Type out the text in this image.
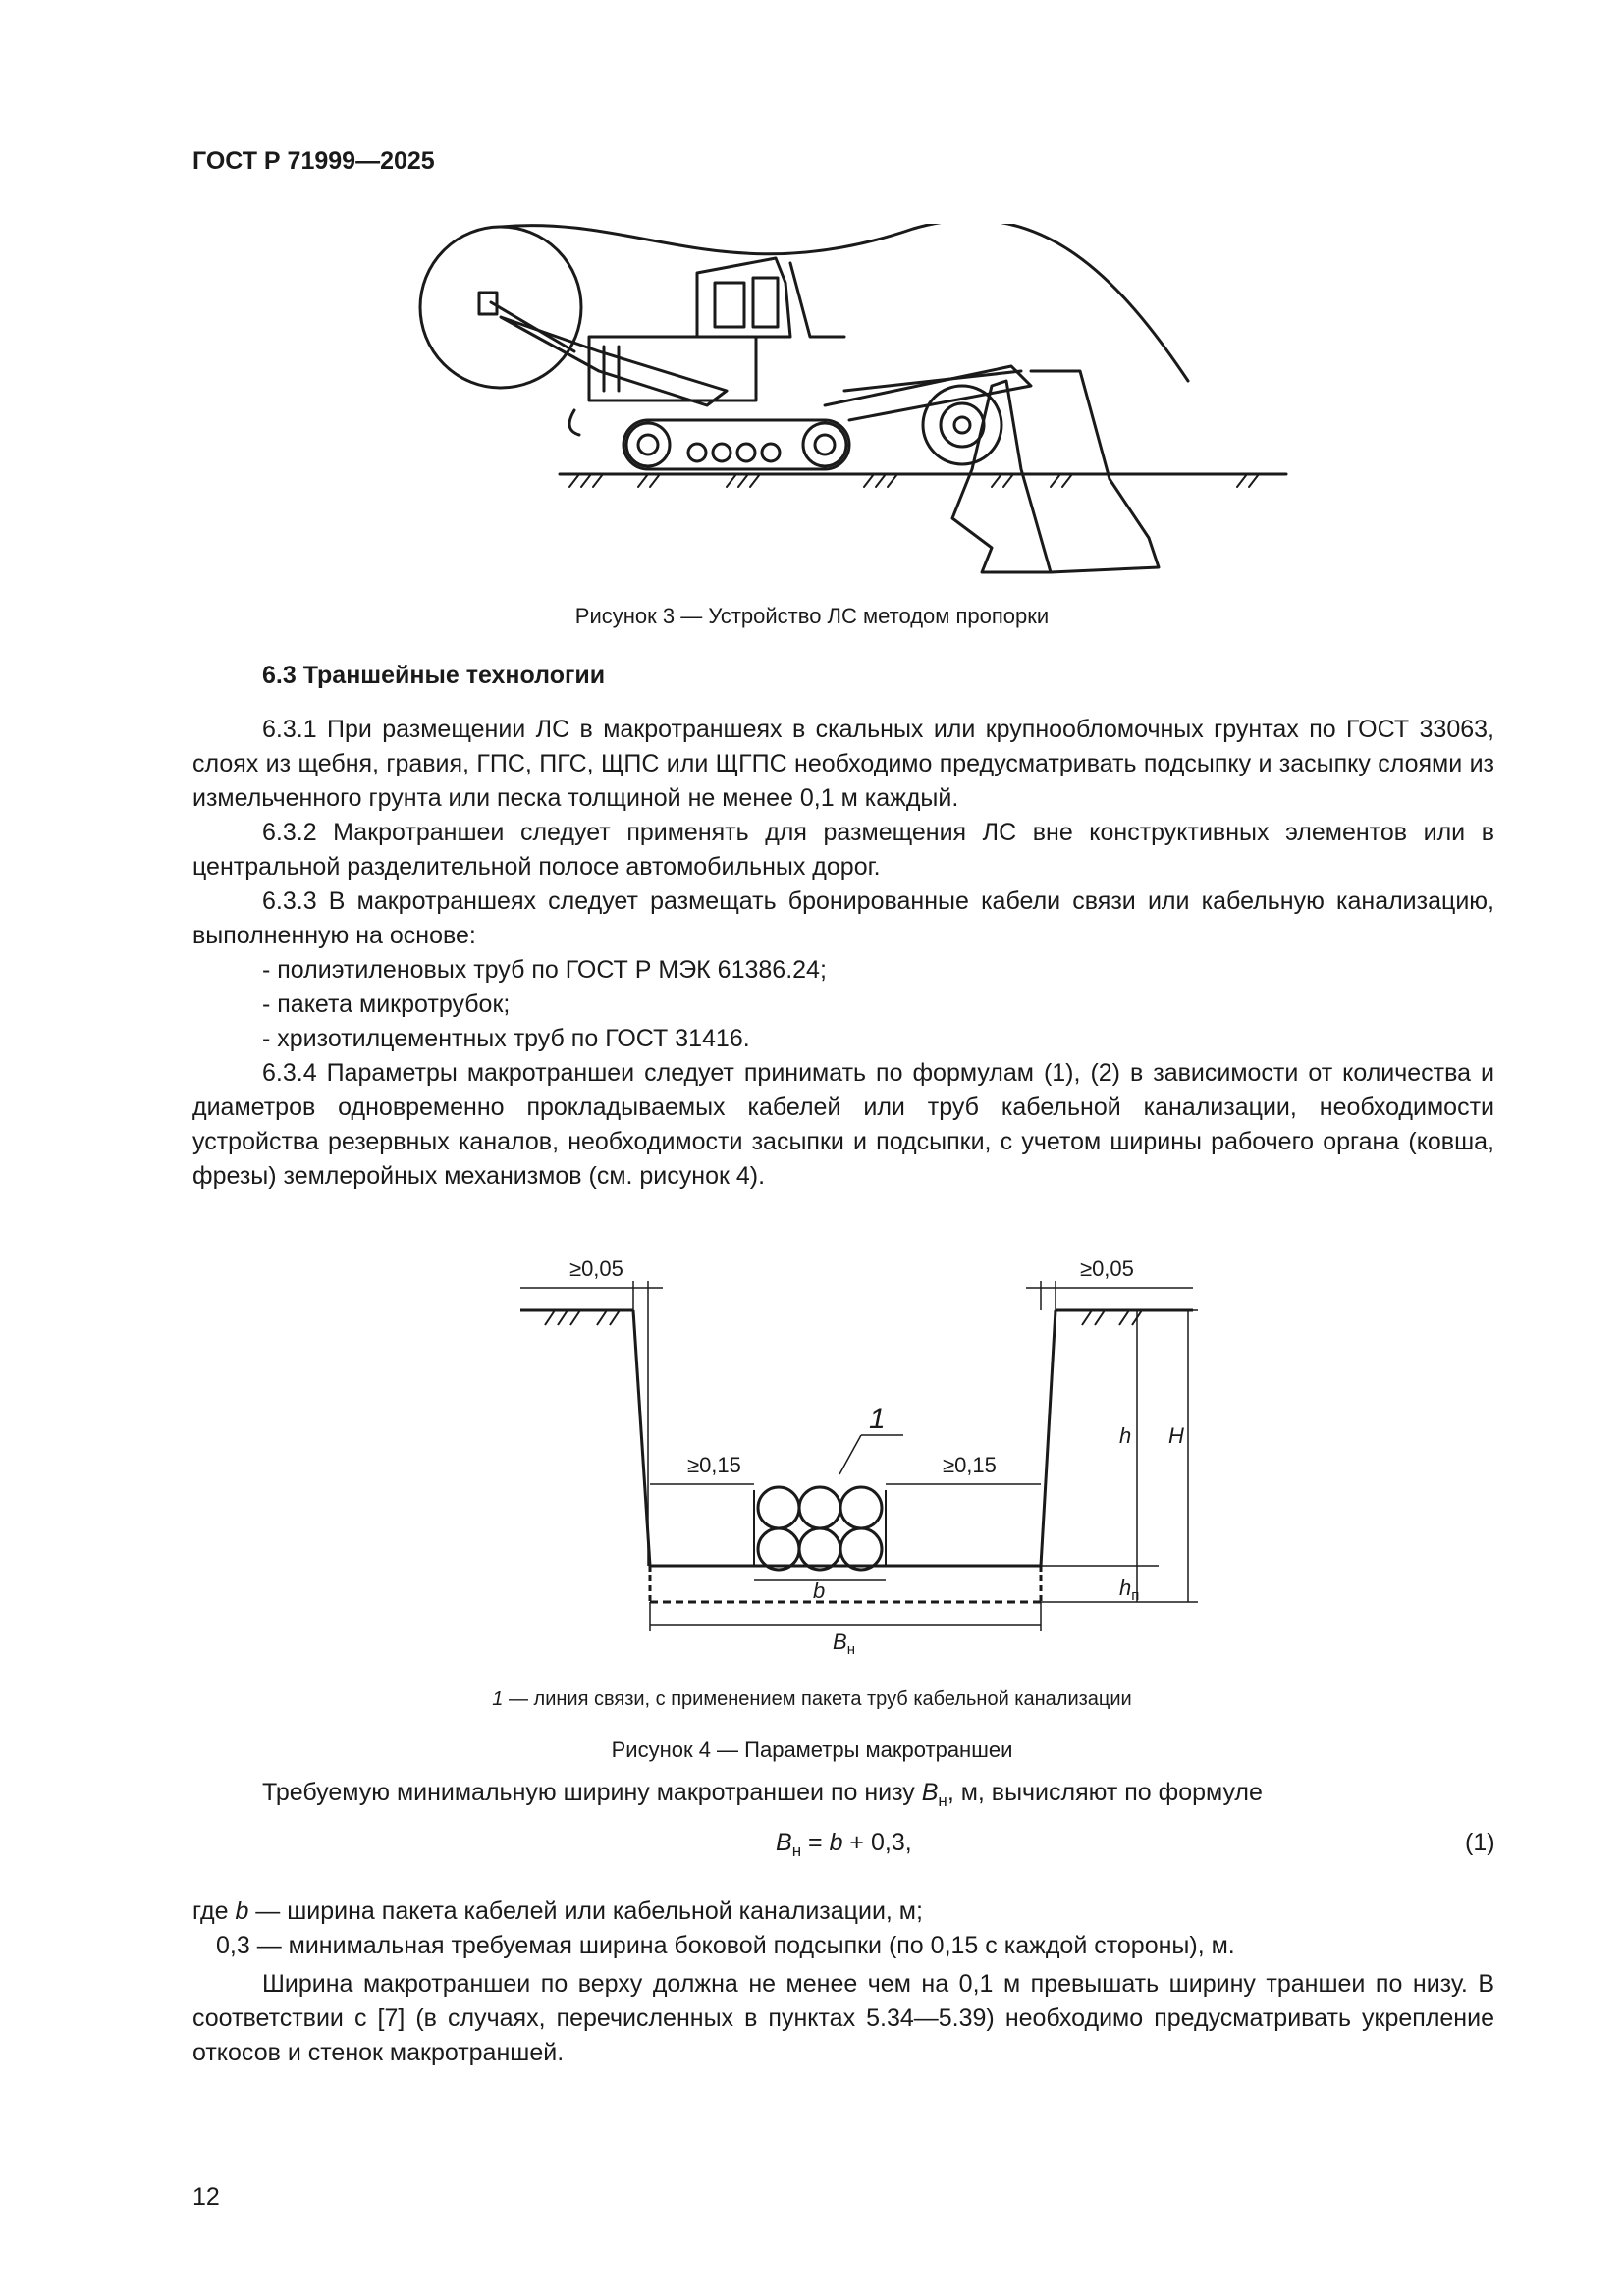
ГОСТ Р 71999—2025
Рисунок 3 — Устройство ЛС методом пропорки
6.3 Траншейные технологии

6.3.1 При размещении ЛС в макротраншеях в скальных или крупнообломочных грунтах по ГОСТ 33063, слоях из щебня, гравия, ГПС, ПГС, ЩПС или ЩГПС необходимо предусматривать подсыпку и засыпку слоями из измельченного грунта или песка толщиной не менее 0,1 м каждый.

6.3.2 Макротраншеи следует применять для размещения ЛС вне конструктивных элементов или в центральной разделительной полосе автомобильных дорог.

6.3.3 В макротраншеях следует размещать бронированные кабели связи или кабельную канализацию, выполненную на основе:

- полиэтиленовых труб по ГОСТ Р МЭК 61386.24;

- пакета микротрубок;

- хризотилцементных труб по ГОСТ 31416.

6.3.4 Параметры макротраншеи следует принимать по формулам (1), (2) в зависимости от количества и диаметров одновременно прокладываемых кабелей или труб кабельной канализации, необходимости устройства резервных каналов, необходимости засыпки и подсыпки, с учетом ширины рабочего органа (ковша, фрезы) землеройных механизмов (см. рисунок 4).

≥0,05	≥0,05
≥0,15	≥0,15
1
h H
b	$h_п$
$B_н$
1 — линия связи, с применением пакета труб кабельной канализации
Рисунок 4 — Параметры макротраншеи
Требуемую минимальную ширину макротраншеи по низу $B_н$, м, вычисляют по формуле
$B_н = b + 0,3$,	(1)
где b — ширина пакета кабелей или кабельной канализации, м;
0,3 — минимальная требуемая ширина боковой подсыпки (по 0,15 с каждой стороны), м.

Ширина макротраншеи по верху должна не менее чем на 0,1 м превышать ширину траншеи по низу. В соответствии с [7] (в случаях, перечисленных в пунктах 5.34—5.39) необходимо предусматривать укрепление откосов и стенок макротраншей.

12
